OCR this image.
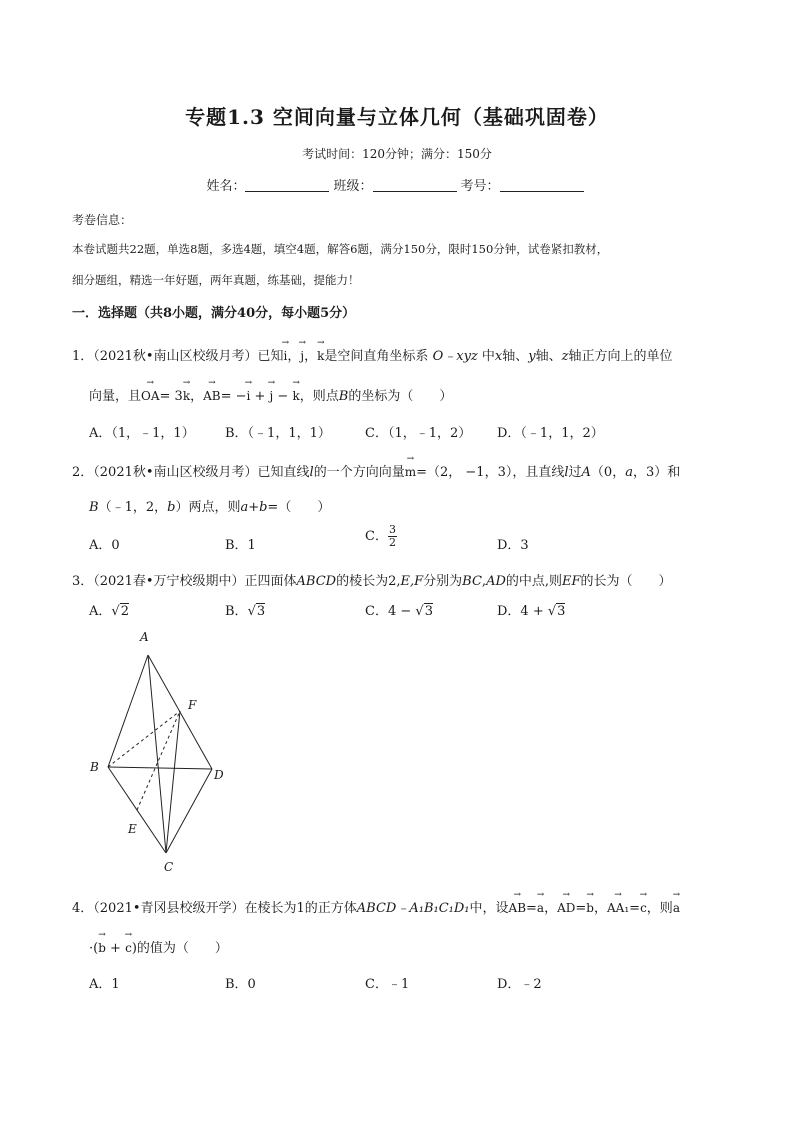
专题1.3 空间向量与立体几何（基础巩固卷）
考试时间：120分钟；满分：150分
姓名：	班级：	考号：
考卷信息：
本卷试题共22题，单选8题，多选4题，填空4题，解答6题，满分150分，限时150分钟，试卷紧扣教材，
细分题组，精选一年好题，两年真题，练基础，提能力！
一．选择题（共8小题，满分40分，每小题5分）
1．（2021秋•南山区校级月考）已知→ i，→ j，→ k是空间直角坐标系 O﹣xyz 中x轴、y轴、z轴正方向上的单位
向量，且→ OA= 3→ k，→ AB= −→ i + → j − → k，则点B的坐标为（　　）
A．（1，﹣1，1） B．（﹣1，1，1）	C．（1，﹣1，2） D．（﹣1，1，2）
2．（2021秋•南山区校级月考）已知直线l的一个方向向量→ m=（2， −1，3），且直线l过A（0，a，3）和
B（﹣1，2，b）两点，则a+b=（　　）
A．0	B．1
C． $\frac{3}{2}$	D．3
3．（2021春•万宁校级期中）正四面体ABCD的棱长为2,E,F分别为BC,AD的中点,则EF的长为（　　）
A．√2	B．√3	C．4 − √3	D．4 + √3
A
B
C
D
E
F
4．（2021•青冈县校级开学）在棱长为1的正方体ABCD﹣A₁B₁C₁D₁中，设→ AB=→ a，→ AD=→ b，→ AA₁=→ c，则→ a
·(→ b + → c)的值为（　　）
A．1	B．0	C．﹣1	D．﹣2
